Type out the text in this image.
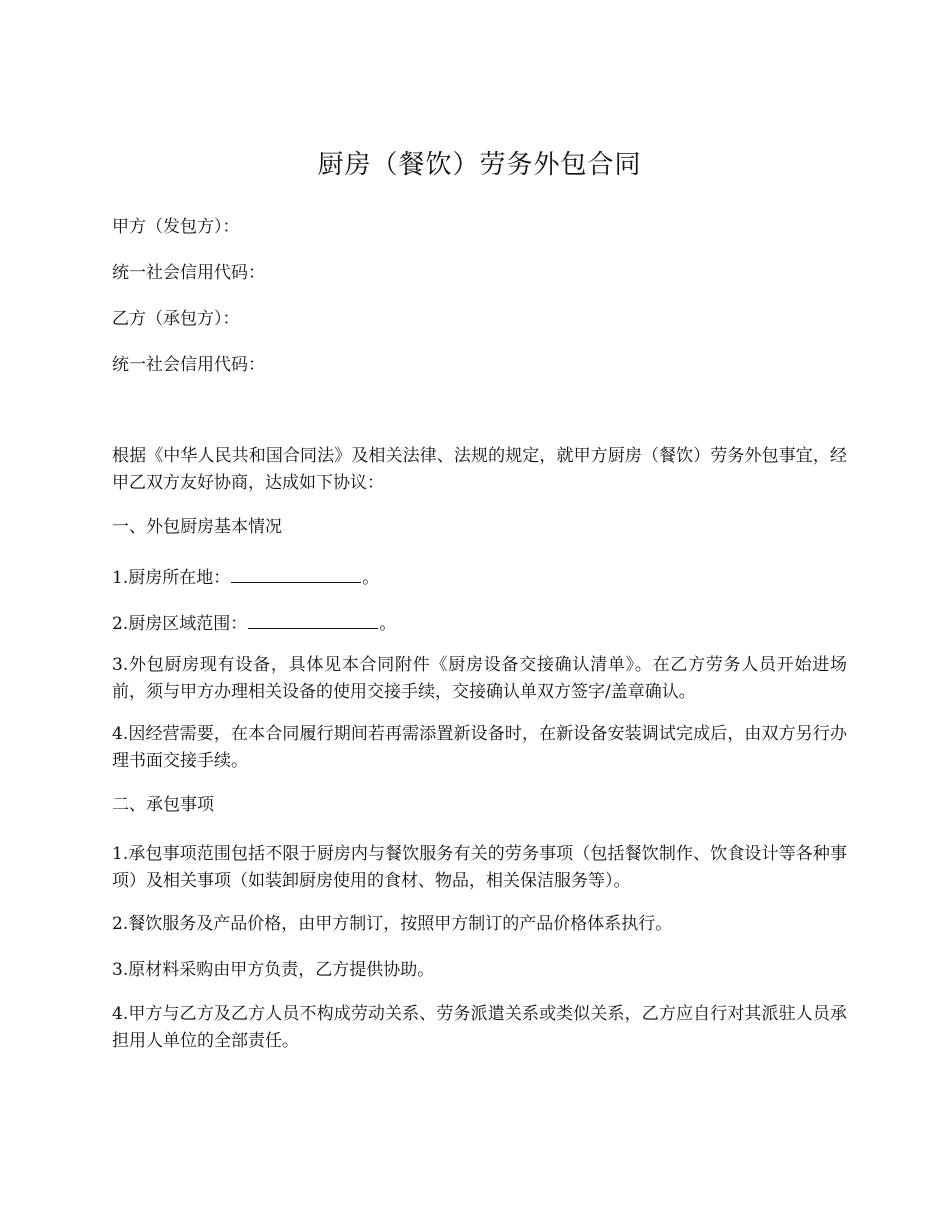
厨房（餐饮）劳务外包合同
甲方（发包方）：
统一社会信用代码：
乙方（承包方）：
统一社会信用代码：
根据《中华人民共和国合同法》及相关法律、法规的规定，就甲方厨房（餐饮）劳务外包事宜，经甲乙双方友好协商，达成如下协议：
一、外包厨房基本情况
1.厨房所在地：	。
2.厨房区域范围：	。
3.外包厨房现有设备，具体见本合同附件《厨房设备交接确认清单》。在乙方劳务人员开始进场前，须与甲方办理相关设备的使用交接手续，交接确认单双方签字/盖章确认。
4.因经营需要，在本合同履行期间若再需添置新设备时，在新设备安装调试完成后，由双方另行办理书面交接手续。
二、承包事项
1.承包事项范围包括不限于厨房内与餐饮服务有关的劳务事项（包括餐饮制作、饮食设计等各种事项）及相关事项（如装卸厨房使用的食材、物品，相关保洁服务等）。
2.餐饮服务及产品价格，由甲方制订，按照甲方制订的产品价格体系执行。
3.原材料采购由甲方负责，乙方提供协助。
4.甲方与乙方及乙方人员不构成劳动关系、劳务派遣关系或类似关系，乙方应自行对其派驻人员承担用人单位的全部责任。
